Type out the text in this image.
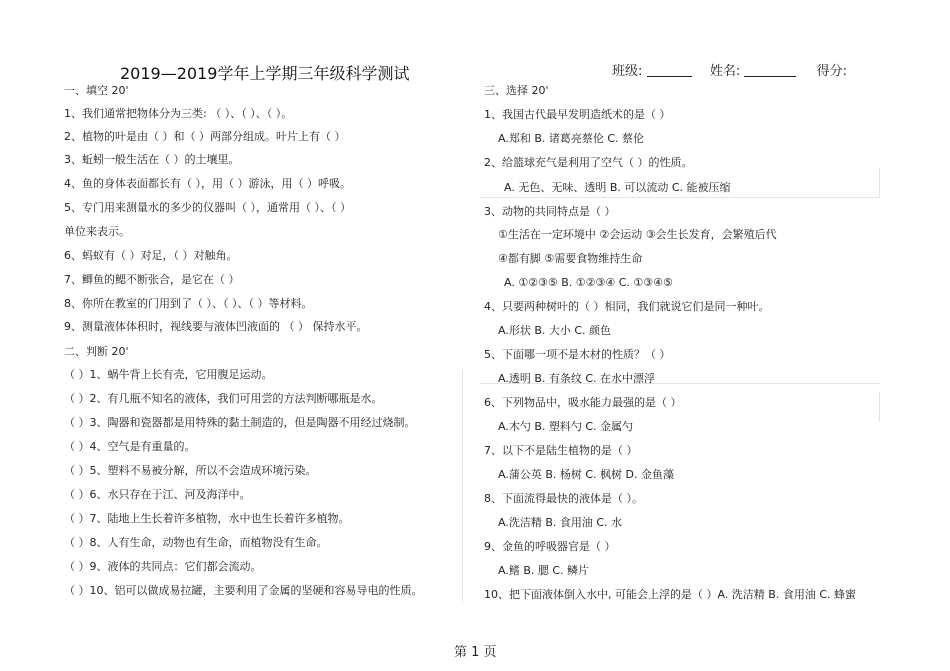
2019—2019学年上学期三年级科学测试	班级:	姓名:	得分:
一、填空 20'
1、我们通常把物体分为三类: （ ）、（ ）、（ ）。
2、植物的叶是由（ ）和（ ）两部分组成。叶片上有（ ）
3、蚯蚓一般生活在（ ）的土壤里。
4、鱼的身体表面都长有（ ），用（ ）游泳，用（ ）呼吸。
5、专门用来测量水的多少的仪器叫（ ），通常用（ ）、（ ）
单位来表示。
6、蚂蚁有（ ）对足，（ ）对触角。
7、鲫鱼的鳃不断张合，是它在（ ）
8、你所在教室的门用到了（ ）、（ ）、（ ）等材料。
9、测量液体体积时，视线要与液体凹液面的 （ ） 保持水平。
二、判断 20'
（ ）1、蜗牛背上长有壳，它用腹足运动。
（ ）2、有几瓶不知名的液体，我们可用尝的方法判断哪瓶是水。
（ ）3、陶器和瓷器都是用特殊的黏土制造的，但是陶器不用经过烧制。
（ ）4、空气是有重量的。
（ ）5、塑料不易被分解，所以不会造成环境污染。
（ ）6、水只存在于江、河及海洋中。
（ ）7、陆地上生长着许多植物，水中也生长着许多植物。
（ ）8、人有生命，动物也有生命，而植物没有生命。
（ ）9、液体的共同点：它们都会流动。
（ ）10、铝可以做成易拉罐，主要利用了金属的坚硬和容易导电的性质。
三、选择 20'
1、我国古代最早发明造纸术的是（ ）
A.郑和 B. 诸葛亮蔡伦 C. 蔡伦
2、给篮球充气是利用了空气（ ）的性质。
A. 无色、无味、透明 B. 可以流动 C. 能被压缩
3、动物的共同特点是（ ）
①生活在一定环境中 ②会运动 ③会生长发育，会繁殖后代
④都有脚 ⑤需要食物维持生命
A. ①②③⑤ B. ①②③④ C. ①③④⑤
4、只要两种树叶的（ ）相同，我们就说它们是同一种叶。
A.形状 B. 大小 C. 颜色
5、下面哪一项不是木材的性质？（ ）
A.透明 B. 有条纹 C. 在水中漂浮
6、下列物品中，吸水能力最强的是（ ）
A.木勺 B. 塑料勺 C. 金属勺
7、以下不是陆生植物的是（ ）
A.蒲公英 B. 杨树 C. 枫树 D. 金鱼藻
8、下面流得最快的液体是（ ）。
A.洗洁精 B. 食用油 C. 水
9、金鱼的呼吸器官是（ ）
A.鳍 B. 腮 C. 鳞片
10、把下面液体倒入水中, 可能会上浮的是（ ）A. 洗洁精 B. 食用油 C. 蜂蜜
第 1 页
